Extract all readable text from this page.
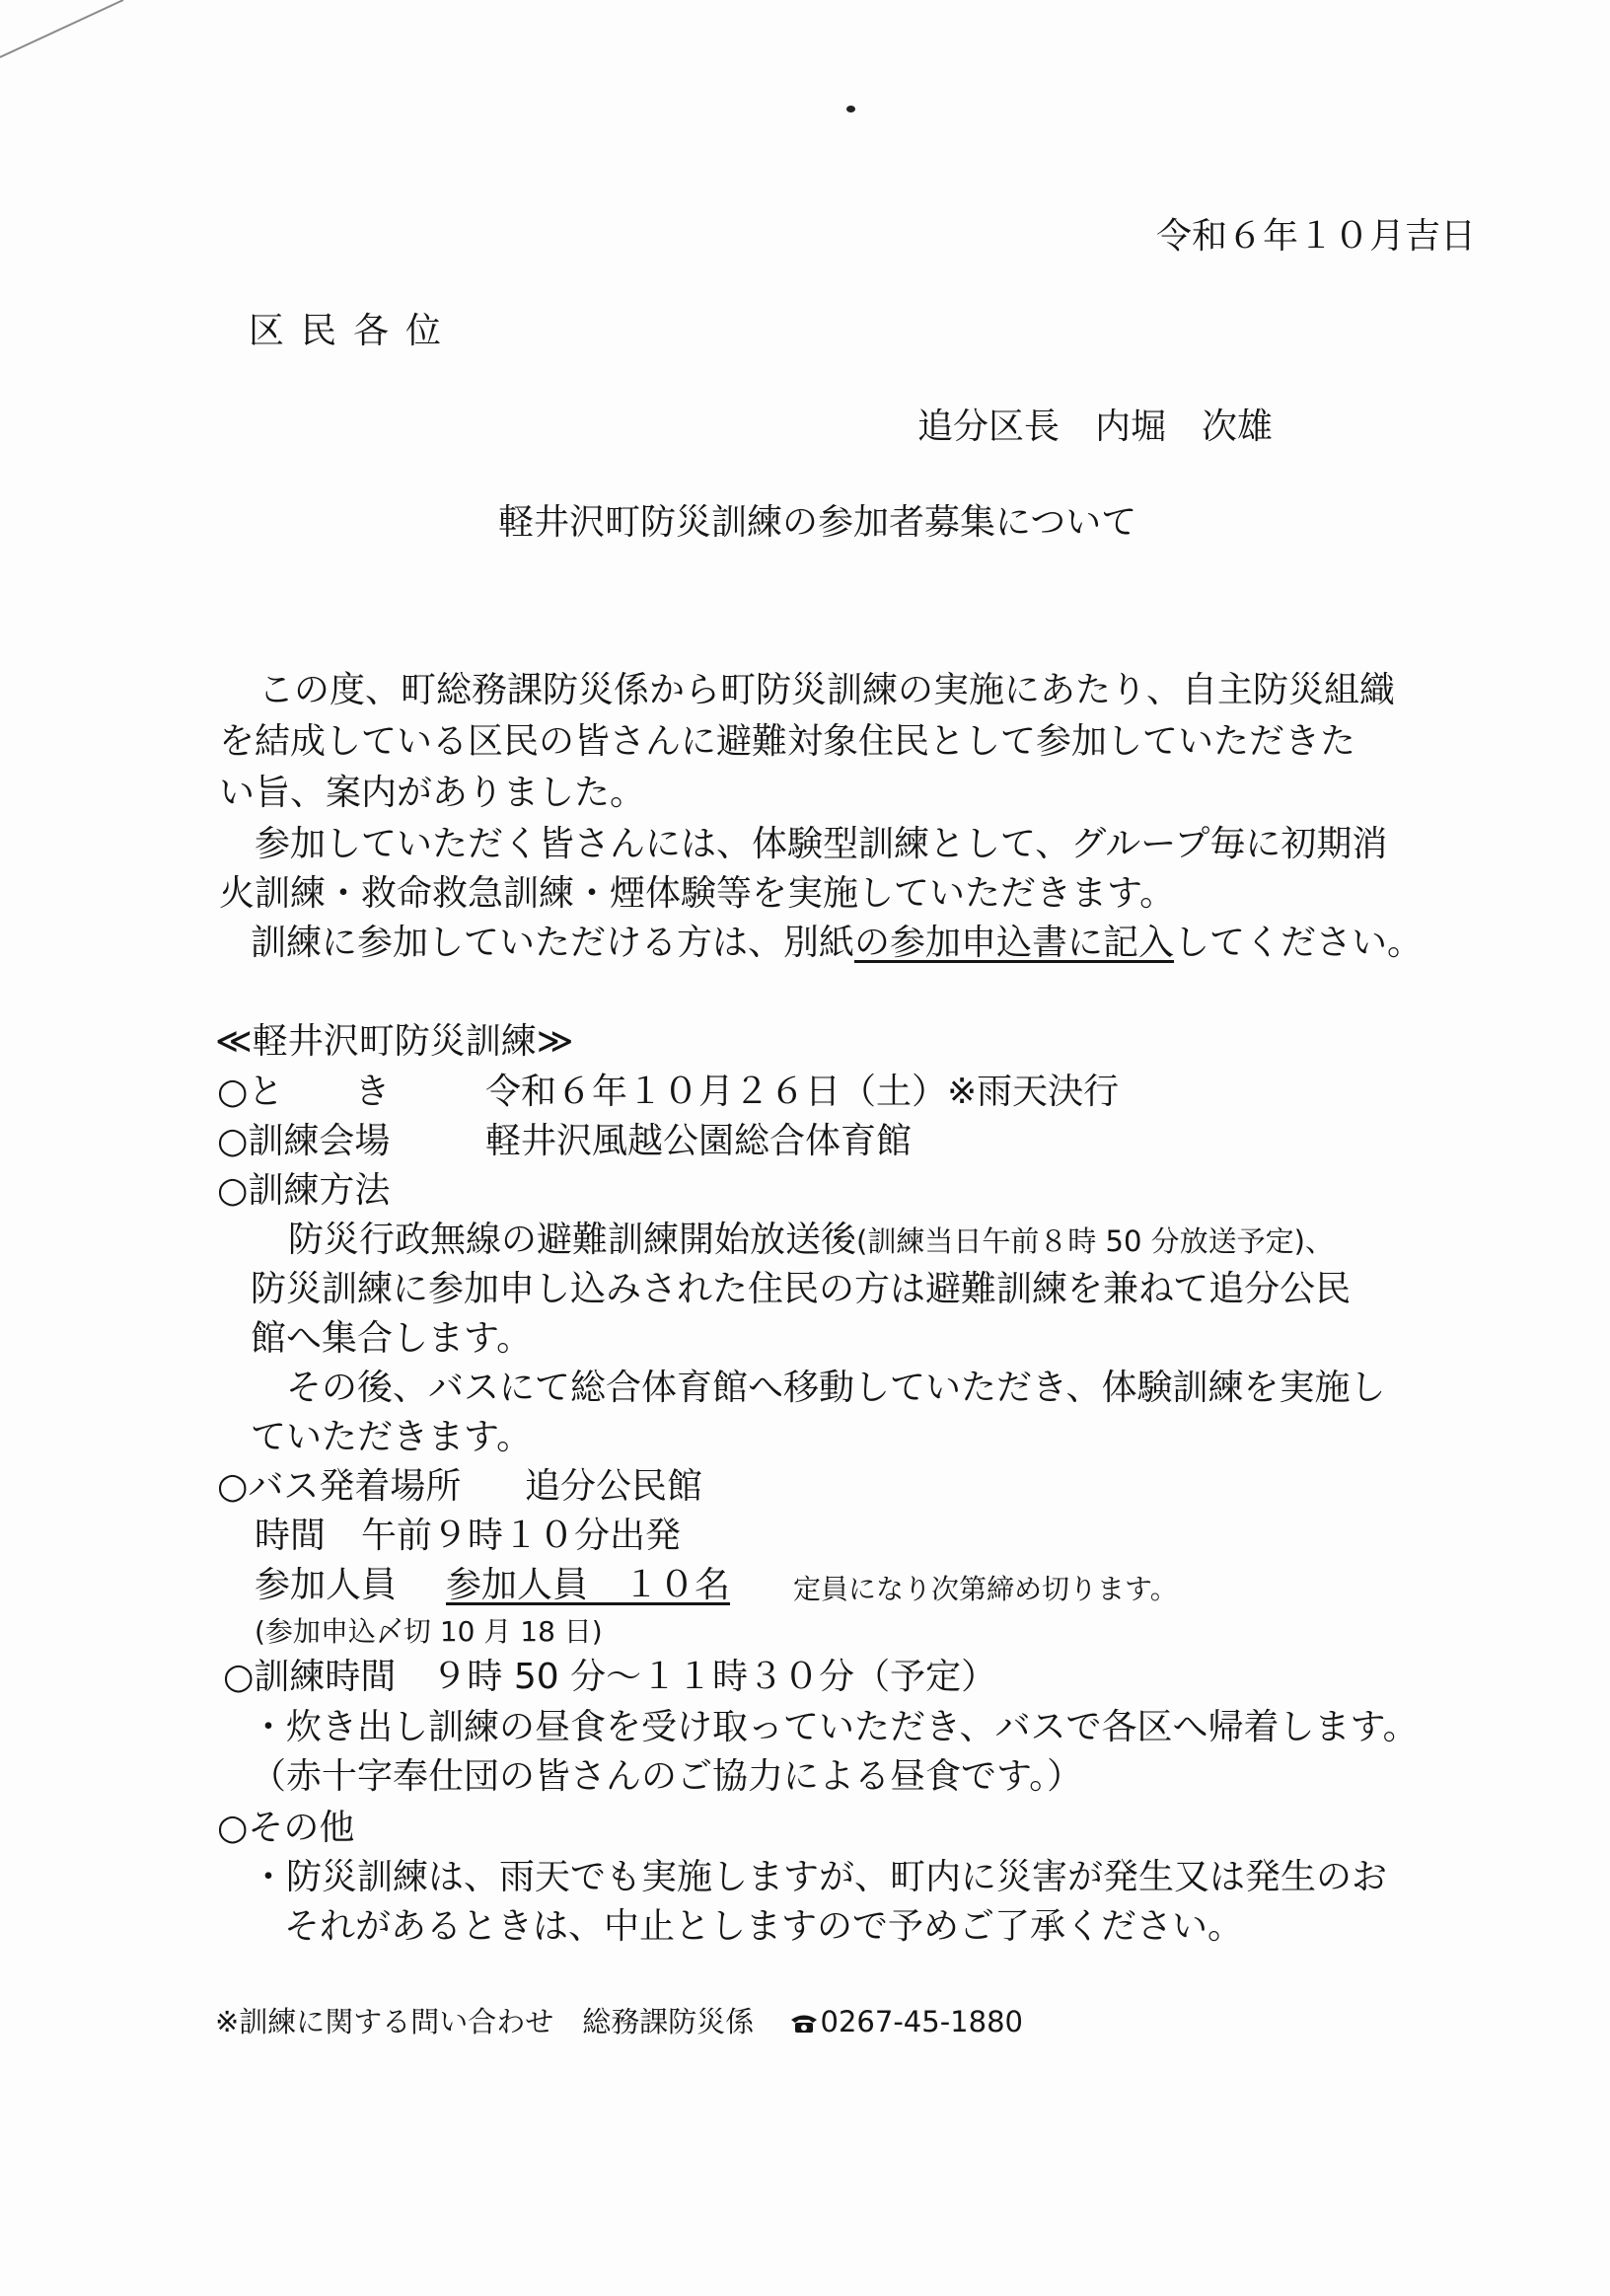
令和６年１０月吉日
区民各位
追分区長　内堀　次雄
軽井沢町防災訓練の参加者募集について
この度、町総務課防災係から町防災訓練の実施にあたり、自主防災組織
を結成している区民の皆さんに避難対象住民として参加していただきた
い旨、案内がありました。
参加していただく皆さんには、体験型訓練として、グループ毎に初期消
火訓練・救命救急訓練・煙体験等を実施していただきます。
訓練に参加していただける方は、別紙の参加申込書に記入してください。
≪軽井沢町防災訓練≫
○と　　き	令和６年１０月２６日（土）※雨天決行
○訓練会場	軽井沢風越公園総合体育館
○訓練方法
防災行政無線の避難訓練開始放送後(訓練当日午前８時 50 分放送予定)、
防災訓練に参加申し込みされた住民の方は避難訓練を兼ねて追分公民
館へ集合します。
その後、バスにて総合体育館へ移動していただき、体験訓練を実施し
ていただきます。
○バス発着場所 追分公民館
時間　午前９時１０分出発
参加人員 参加人員　１０名 定員になり次第締め切ります。
(参加申込〆切 10 月 18 日)
○訓練時間　９時 50 分～１１時３０分（予定）
・炊き出し訓練の昼食を受け取っていただき、バスで各区へ帰着します。
（赤十字奉仕団の皆さんのご協力による昼食です。）
○その他
・防災訓練は、雨天でも実施しますが、町内に災害が発生又は発生のお
それがあるときは、中止としますので予めご了承ください。
※訓練に関する問い合わせ　総務課防災係 0267-45-1880
